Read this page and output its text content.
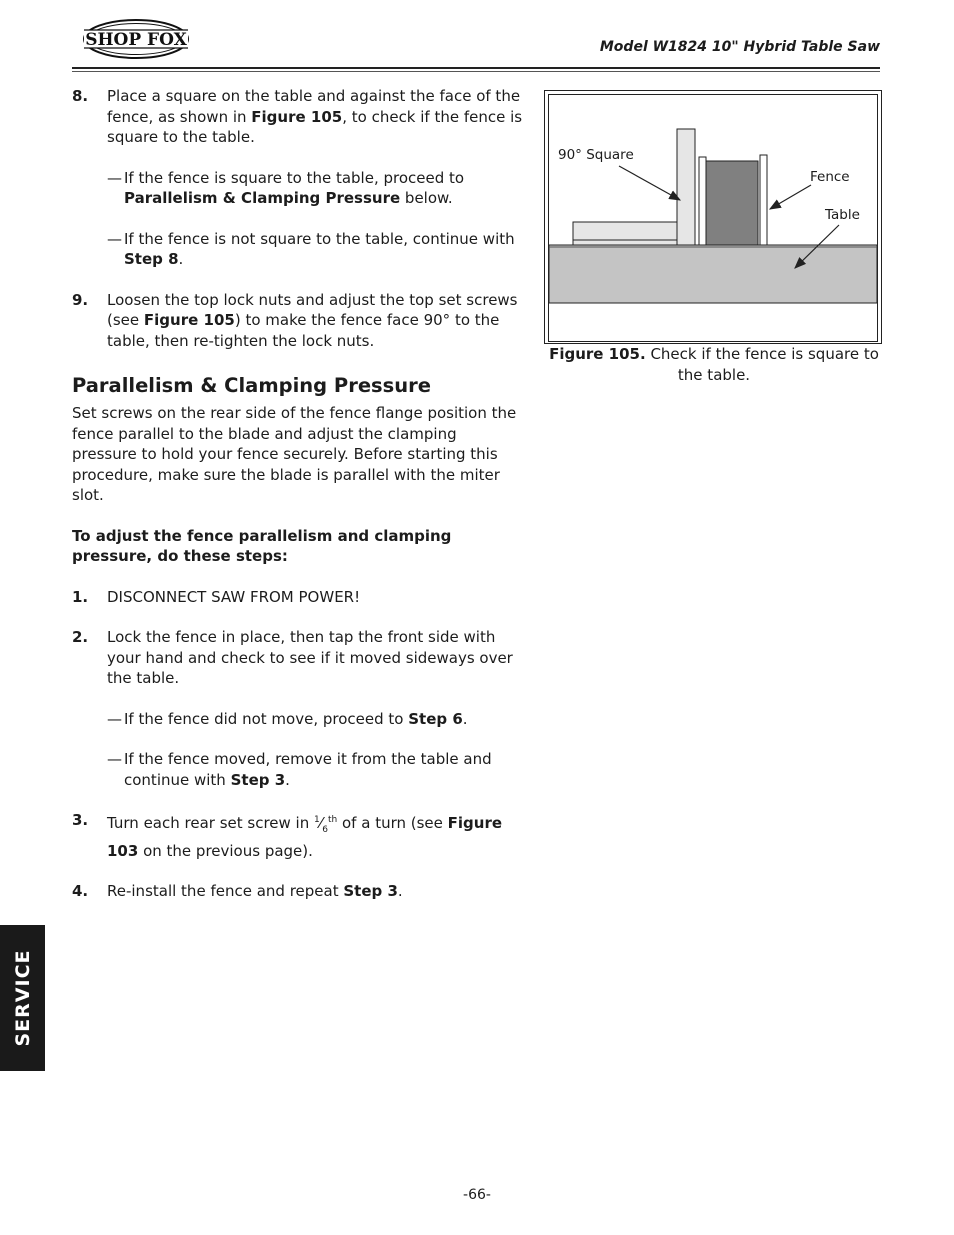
SHOP FOX	Model W1824 10" Hybrid Table Saw
8. Place a square on the table and against the face of the fence, as shown in Figure 105, to check if the fence is square to the table.
— If the fence is square to the table, proceed to Parallelism & Clamping Pressure below.
— If the fence is not square to the table, continue with Step 8.
9. Loosen the top lock nuts and adjust the top set screws (see Figure 105) to make the fence face 90° to the table, then re-tighten the lock nuts.
Parallelism & Clamping Pressure

Set screws on the rear side of the fence flange position the fence parallel to the blade and adjust the clamping pressure to hold your fence securely. Before starting this procedure, make sure the blade is parallel with the miter slot.

To adjust the fence parallelism and clamping pressure, do these steps:

1. DISCONNECT SAW FROM POWER!
2. Lock the fence in place, then tap the front side with your hand and check to see if it moved sideways over the table.
— If the fence did not move, proceed to Step 6.
— If the fence moved, remove it from the table and continue with Step 3.
3. Turn each rear set screw in $^1⁄_6^{th}$ of a turn (see Figure 103 on the previous page).
4. Re-install the fence and repeat Step 3.
90° Square
Fence
Table
Figure 105. Check if the fence is square to the table.
SERVICE
-66-
